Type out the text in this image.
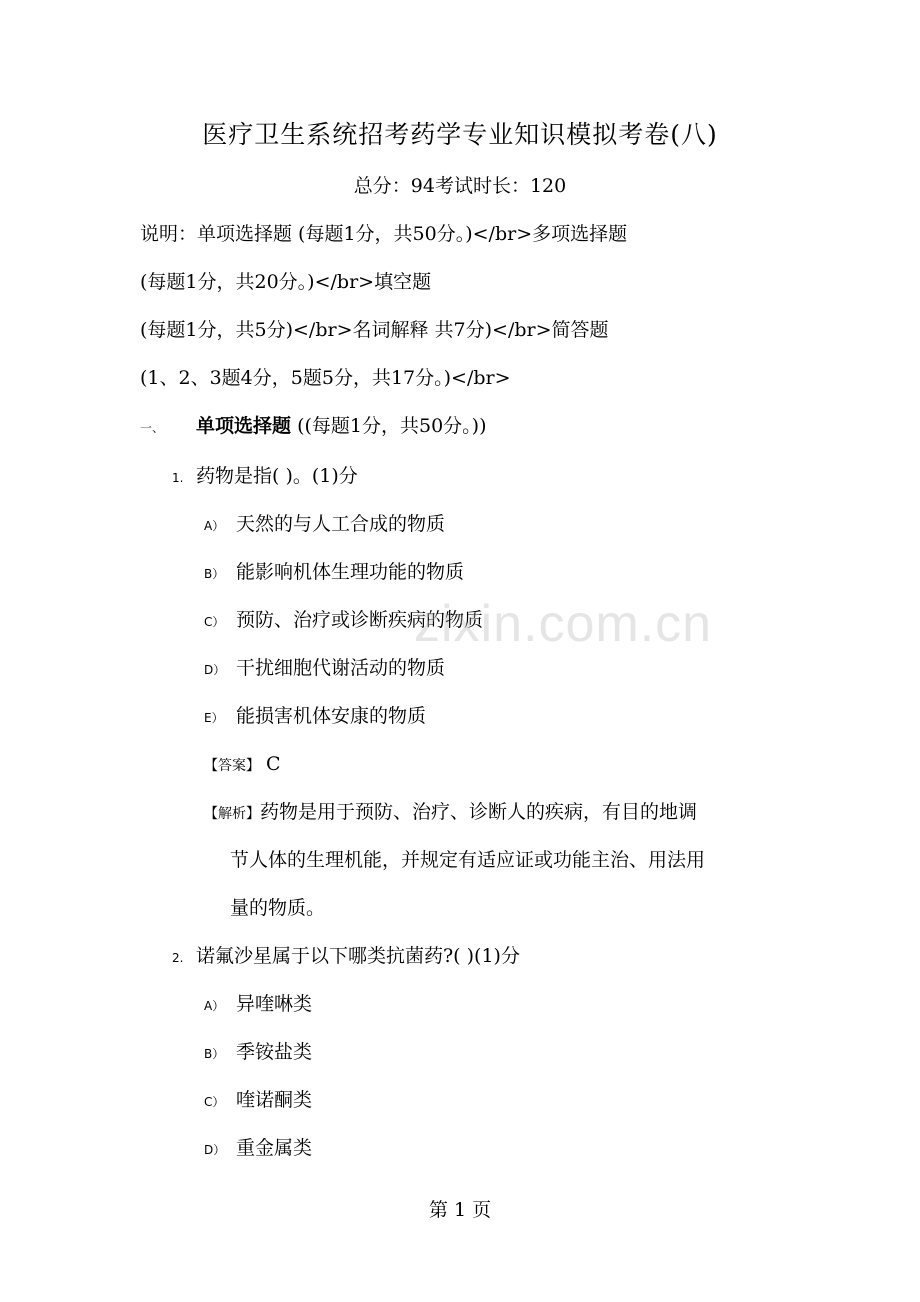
医疗卫生系统招考药学专业知识模拟考卷(八)
总分：94考试时长：120
说明：单项选择题 (每题1分，共50分。)</br>多项选择题
(每题1分，共20分。)</br>填空题
(每题1分，共5分)</br>名词解释 共7分)</br>简答题
(1、2、3题4分，5题5分，共17分。)</br>
一、 单项选择题 ((每题1分，共50分。))
1. 药物是指( )。(1)分
A） 天然的与人工合成的物质
B） 能影响机体生理功能的物质
C） 预防、治疗或诊断疾病的物质
D） 干扰细胞代谢活动的物质
E） 能损害机体安康的物质
【答案】 C
【解析】药物是用于预防、治疗、诊断人的疾病，有目的地调
节人体的生理机能，并规定有适应证或功能主治、用法用
量的物质。
2. 诺氟沙星属于以下哪类抗菌药?( )(1)分
A） 异喹啉类
B） 季铵盐类
C） 喹诺酮类
D） 重金属类
zixin.com.cn
第 1 页
